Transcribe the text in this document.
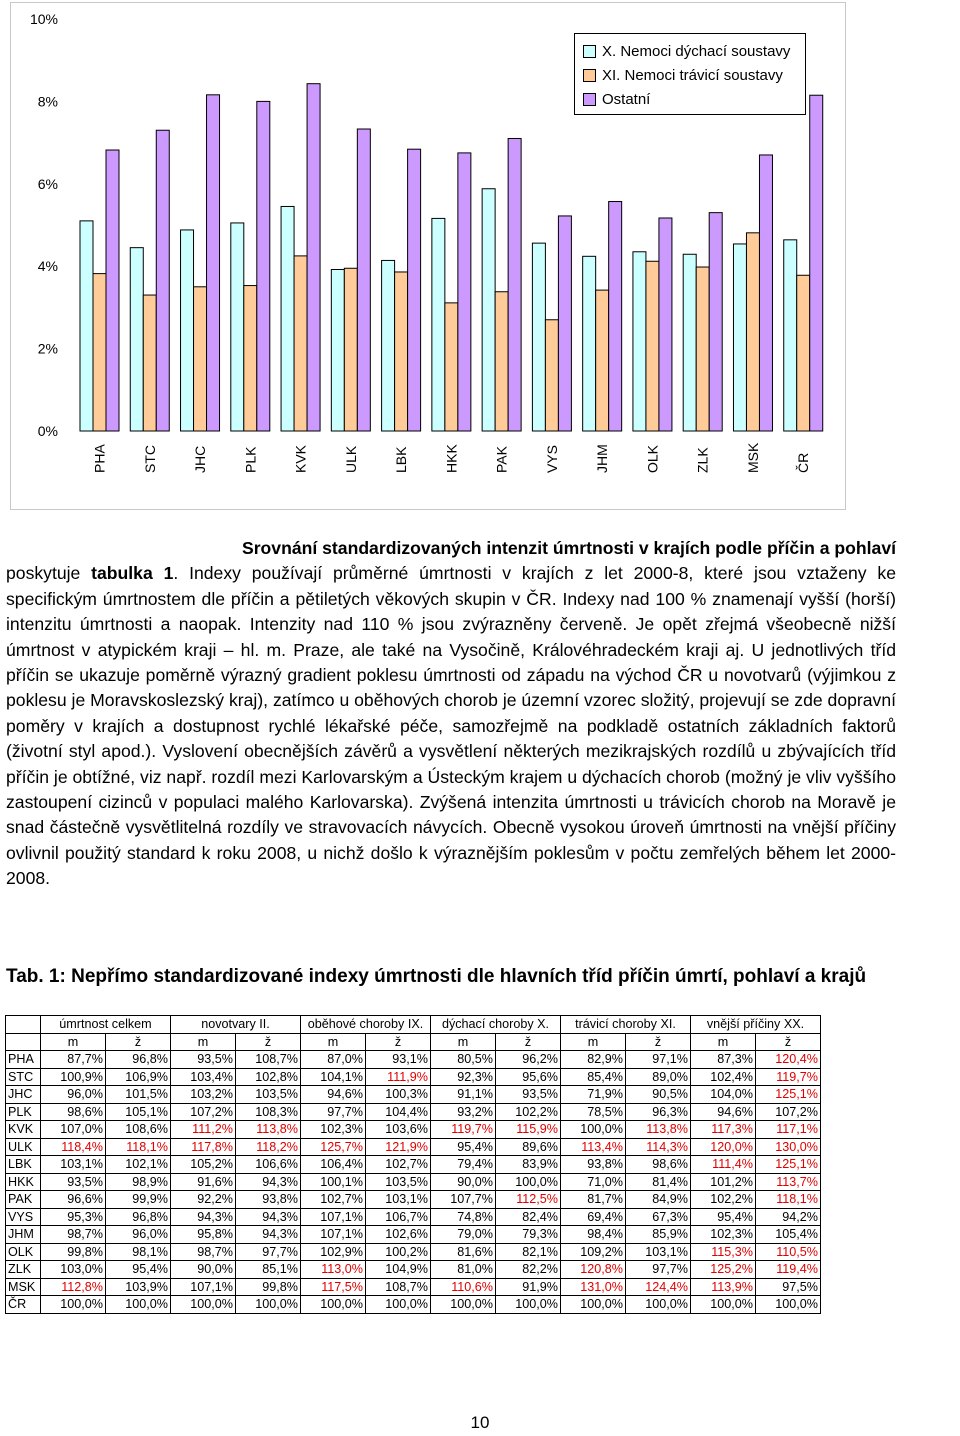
10%
8%
6%
4%
2%
0%
PHA STC JHC PLK KVK ULK LBK HKK PAK VYS JHM OLK ZLK MSK ČR
X. Nemoci dýchací soustavy
XI. Nemoci trávicí soustavy
Ostatní

Srovnání standardizovaných intenzit úmrtnosti v krajích podle příčin a pohlaví

poskytuje tabulka 1. Indexy používají průměrné úmrtnosti v krajích z let 2000-8, které jsou vztaženy ke specifickým úmrtnostem dle příčin a pětiletých věkových skupin v ČR. Indexy nad 100 % znamenají vyšší (horší) intenzitu úmrtnosti a naopak. Intenzity nad 110 % jsou zvýrazněny červeně. Je opět zřejmá všeobecně nižší úmrtnost v atypickém kraji – hl. m. Praze, ale také na Vysočině, Královéhradeckém kraji aj. U jednotlivých tříd příčin se ukazuje poměrně výrazný gradient poklesu úmrtnosti od západu na východ ČR u novotvarů (výjimkou z poklesu je Moravskoslezský kraj), zatímco u oběhových chorob je územní vzorec složitý, projevují se zde dopravní poměry v krajích a dostupnost rychlé lékařské péče, samozřejmě na podkladě ostatních základních faktorů (životní styl apod.). Vyslovení obecnějších závěrů a vysvětlení některých mezikrajských rozdílů u zbývajících tříd příčin je obtížné, viz např. rozdíl mezi Karlovarským a Ústeckým krajem u dýchacích chorob (možný je vliv vyššího zastoupení cizinců v populaci malého Karlovarska). Zvýšená intenzita úmrtnosti u trávicích chorob na Moravě je snad částečně vysvětlitelná rozdíly ve stravovacích návycích. Obecně vysokou úroveň úmrtnosti na vnější příčiny ovlivnil použitý standard k roku 2008, u nichž došlo k výraznějším poklesům v počtu zemřelých během let 2000-2008.

Tab. 1: Nepřímo standardizované indexy úmrtnosti dle hlavních tříd příčin úmrtí, pohlaví a krajů
	úmrtnost celkem		novotvary II.		oběhové choroby IX.		dýchací choroby X.		trávicí choroby XI.		vnější příčiny XX.	
	m	ž	m	ž	m	ž	m	ž	m	ž	m	ž
PHA	87,7%	96,8%	93,5%	108,7%	87,0%	93,1%	80,5%	96,2%	82,9%	97,1%	87,3%	120,4%
STC	100,9%	106,9%	103,4%	102,8%	104,1%	111,9%	92,3%	95,6%	85,4%	89,0%	102,4%	119,7%
JHC	96,0%	101,5%	103,2%	103,5%	94,6%	100,3%	91,1%	93,5%	71,9%	90,5%	104,0%	125,1%
PLK	98,6%	105,1%	107,2%	108,3%	97,7%	104,4%	93,2%	102,2%	78,5%	96,3%	94,6%	107,2%
KVK	107,0%	108,6%	111,2%	113,8%	102,3%	103,6%	119,7%	115,9%	100,0%	113,8%	117,3%	117,1%
ULK	118,4%	118,1%	117,8%	118,2%	125,7%	121,9%	95,4%	89,6%	113,4%	114,3%	120,0%	130,0%
LBK	103,1%	102,1%	105,2%	106,6%	106,4%	102,7%	79,4%	83,9%	93,8%	98,6%	111,4%	125,1%
HKK	93,5%	98,9%	91,6%	94,3%	100,1%	103,5%	90,0%	100,0%	71,0%	81,4%	101,2%	113,7%
PAK	96,6%	99,9%	92,2%	93,8%	102,7%	103,1%	107,7%	112,5%	81,7%	84,9%	102,2%	118,1%
VYS	95,3%	96,8%	94,3%	94,3%	107,1%	106,7%	74,8%	82,4%	69,4%	67,3%	95,4%	94,2%
JHM	98,7%	96,0%	95,8%	94,3%	107,1%	102,6%	79,0%	79,3%	98,4%	85,9%	102,3%	105,4%
OLK	99,8%	98,1%	98,7%	97,7%	102,9%	100,2%	81,6%	82,1%	109,2%	103,1%	115,3%	110,5%
ZLK	103,0%	95,4%	90,0%	85,1%	113,0%	104,9%	81,0%	82,2%	120,8%	97,7%	125,2%	119,4%
MSK	112,8%	103,9%	107,1%	99,8%	117,5%	108,7%	110,6%	91,9%	131,0%	124,4%	113,9%	97,5%
ČR	100,0%	100,0%	100,0%	100,0%	100,0%	100,0%	100,0%	100,0%	100,0%	100,0%	100,0%	100,0%
10
